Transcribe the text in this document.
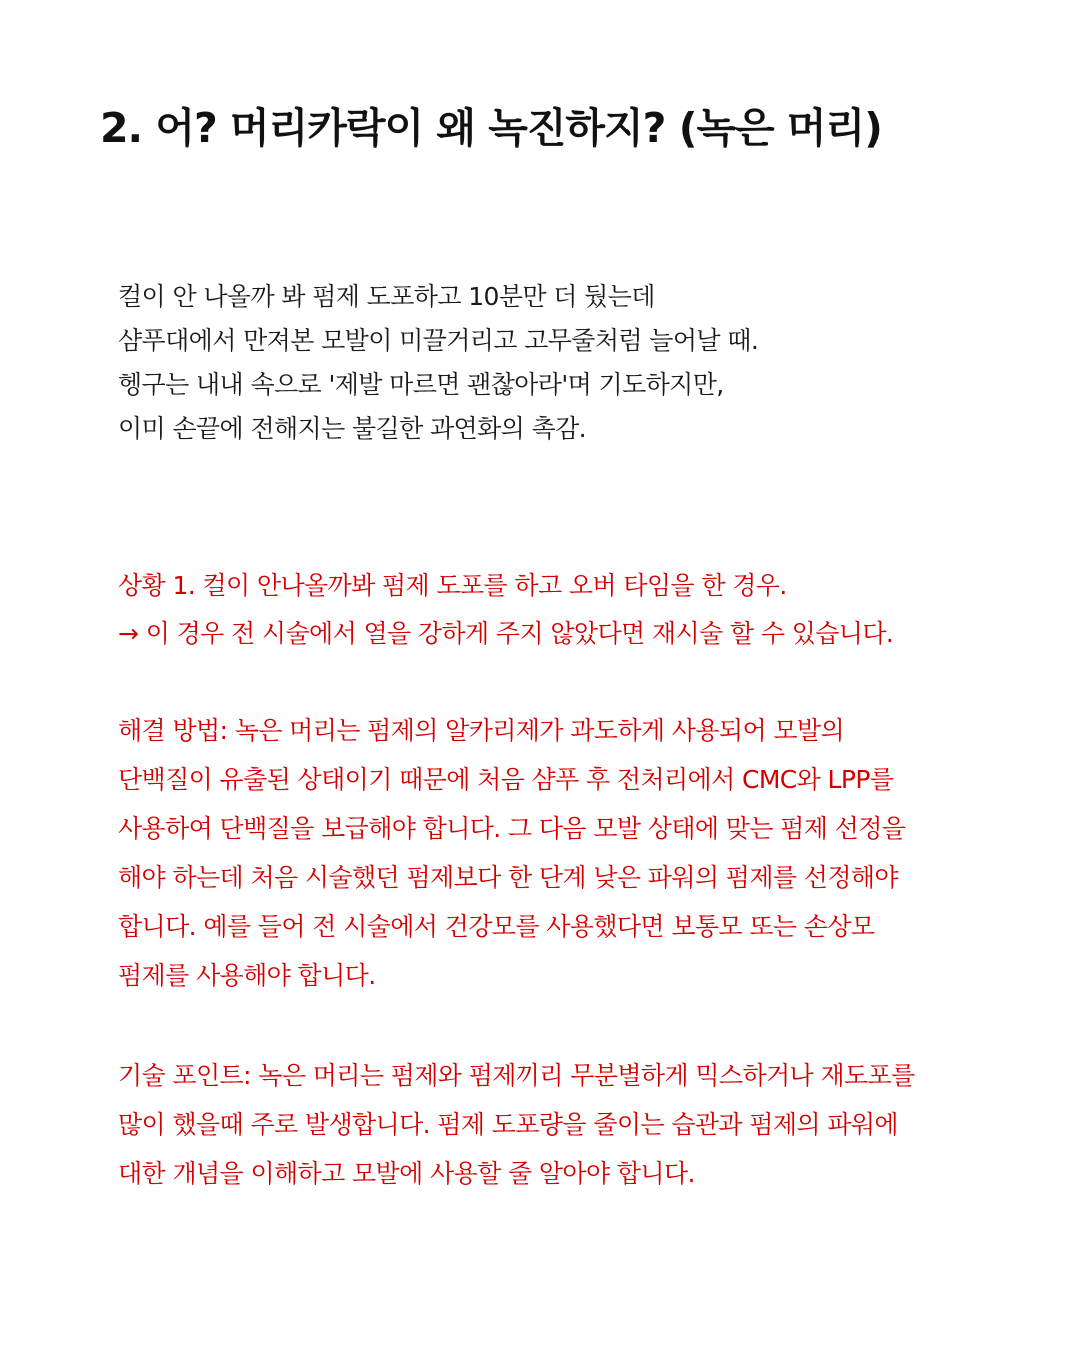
2. 어? 머리카락이 왜 녹진하지? (녹은 머리)
컬이 안 나올까 봐 펌제 도포하고 10분만 더 뒀는데
샴푸대에서 만져본 모발이 미끌거리고 고무줄처럼 늘어날 때.
헹구는 내내 속으로 '제발 마르면 괜찮아라'며 기도하지만,
이미 손끝에 전해지는 불길한 과연화의 촉감.
상황 1. 컬이 안나올까봐 펌제 도포를 하고 오버 타임을 한 경우.
→ 이 경우 전 시술에서 열을 강하게 주지 않았다면 재시술 할 수 있습니다.
해결 방법: 녹은 머리는 펌제의 알카리제가 과도하게 사용되어 모발의
단백질이 유출된 상태이기 때문에 처음 샴푸 후 전처리에서 CMC와 LPP를
사용하여 단백질을 보급해야 합니다. 그 다음 모발 상태에 맞는 펌제 선정을
해야 하는데 처음 시술했던 펌제보다 한 단계 낮은 파워의 펌제를 선정해야
합니다. 예를 들어 전 시술에서 건강모를 사용했다면 보통모 또는 손상모
펌제를 사용해야 합니다.
기술 포인트: 녹은 머리는 펌제와 펌제끼리 무분별하게 믹스하거나 재도포를
많이 했을때 주로 발생합니다. 펌제 도포량을 줄이는 습관과 펌제의 파워에
대한 개념을 이해하고 모발에 사용할 줄 알아야 합니다.
